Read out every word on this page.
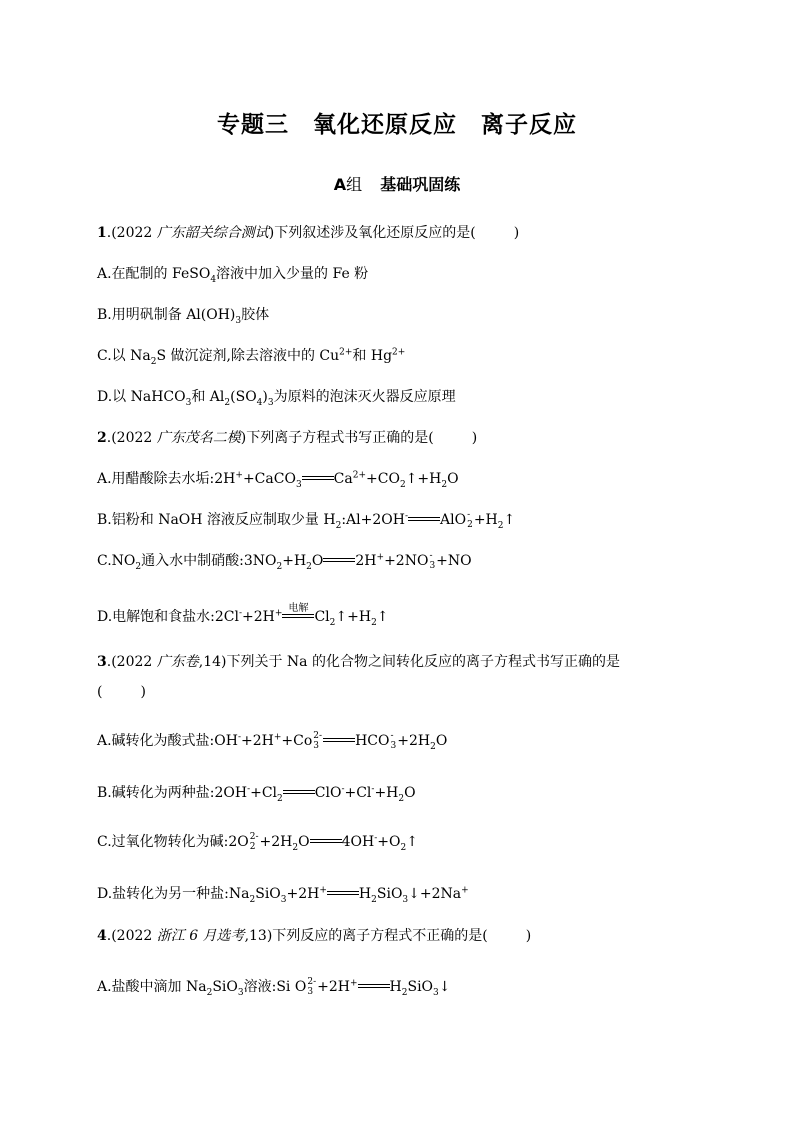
专题三 氧化还原反应 离子反应
A组 基础巩固练
1.(2022 广东韶关综合测试)下列叙述涉及氧化还原反应的是(	)
A.在配制的 FeSO$_4$溶液中加入少量的 Fe 粉
B.用明矾制备 $Al(OH)_3$胶体
C.以 $Na_2S$ 做沉淀剂,除去溶液中的 $Cu^{2+}$和 $Hg^{2+}$
D.以 NaHCO$_3$和 $Al_2(SO_4)_3$为原料的泡沫灭火器反应原理
2.(2022 广东茂名二模)下列离子方程式书写正确的是(	)
A.用醋酸除去水垢:2H++CaCO$_3$ $Ca^{2+}+CO_2↑+H_2O$
B.铝粉和 NaOH 溶液反应制取少量 $H_2:Al+2OH^-$ AlO -
$2 +H_2↑$
$C.NO_2$通入水中制硝酸$:3NO_2+H_2O$ 2H++2NO -
3 +NO
D.电解饱和食盐水:2Cl-+2H+ 电解
$Cl_2↑+H_2↑$
3.(2022 广东卷,14)下列关于 Na 的化合物之间转化反应的离子方程式书写正确的是
(	)
A.碱转化为酸式盐:OH-+2H++Co 2-
3	HCO -
$3 +2H_2O$
B.碱转化为两种盐$:2OH^-+Cl_2$ $ClO^-+Cl^-+H_2O$
C.过氧化物转化为碱:2O 2-
$2 +2H_2O$ $4OH^-+O_2↑$
D.盐转化为另一种盐$:Na_2SiO_3+2H^+$ $H_2SiO_3↓+2Na^+$
4.(2022 浙江 6 月选考,13)下列反应的离子方程式不正确的是(	)
A.盐酸中滴加 $Na_2SiO_3$溶液:Si O 2-
3 +2H+ $H_2SiO_3↓$
